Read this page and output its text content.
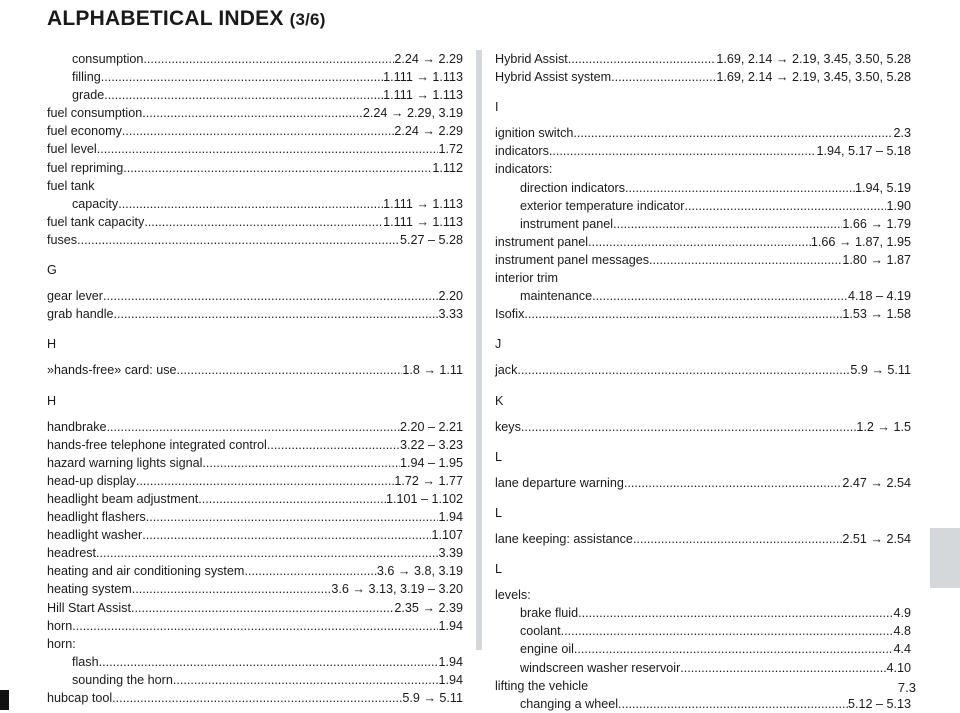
ALPHABETICAL INDEX (3/6)
consumption .....	2.24 → 2.29
filling .....	1.111 → 1.113
grade .....	1.111 → 1.113
fuel consumption .....	2.24 → 2.29, 3.19
fuel economy .....	2.24 → 2.29
fuel level .....	1.72
fuel repriming .....	1.112
fuel tank
capacity .....	1.111 → 1.113
fuel tank capacity .....	1.111 → 1.113
fuses .....	5.27 – 5.28
G
gear lever .....	2.20
grab handle .....	3.33
H
»hands-free» card: use .....	1.8 → 1.11
H
handbrake .....	2.20 – 2.21
hands-free telephone integrated control .....	3.22 – 3.23
hazard warning lights signal .....	1.94 – 1.95
head-up display .....	1.72 → 1.77
headlight beam adjustment .....	1.101 – 1.102
headlight flashers .....	1.94
headlight washer .....	1.107
headrest .....	3.39
heating and air conditioning system .....	3.6 → 3.8, 3.19
heating system .....	3.6 → 3.13, 3.19 – 3.20
Hill Start Assist .....	2.35 → 2.39
horn .....	1.94
horn:
flash .....	1.94
sounding the horn .....	1.94
hubcap tool .....	5.9 → 5.11
Hybrid Assist .....	1.69, 2.14 → 2.19, 3.45, 3.50, 5.28
Hybrid Assist system .....	1.69, 2.14 → 2.19, 3.45, 3.50, 5.28
I
ignition switch .....	2.3
indicators .....	1.94, 5.17 – 5.18
indicators:
direction indicators .....	1.94, 5.19
exterior temperature indicator .....	1.90
instrument panel .....	1.66 → 1.79
instrument panel .....	1.66 → 1.87, 1.95
instrument panel messages .....	1.80 → 1.87
interior trim
maintenance .....	4.18 – 4.19
Isofix .....	1.53 → 1.58
J
jack .....	5.9 → 5.11
K
keys .....	1.2 → 1.5
L
lane departure warning .....	2.47 → 2.54
L
lane keeping: assistance .....	2.51 → 2.54
L
levels:
brake fluid .....	4.9
coolant .....	4.8
engine oil .....	4.4
windscreen washer reservoir .....	4.10
lifting the vehicle
changing a wheel .....	5.12 – 5.13
7.3
